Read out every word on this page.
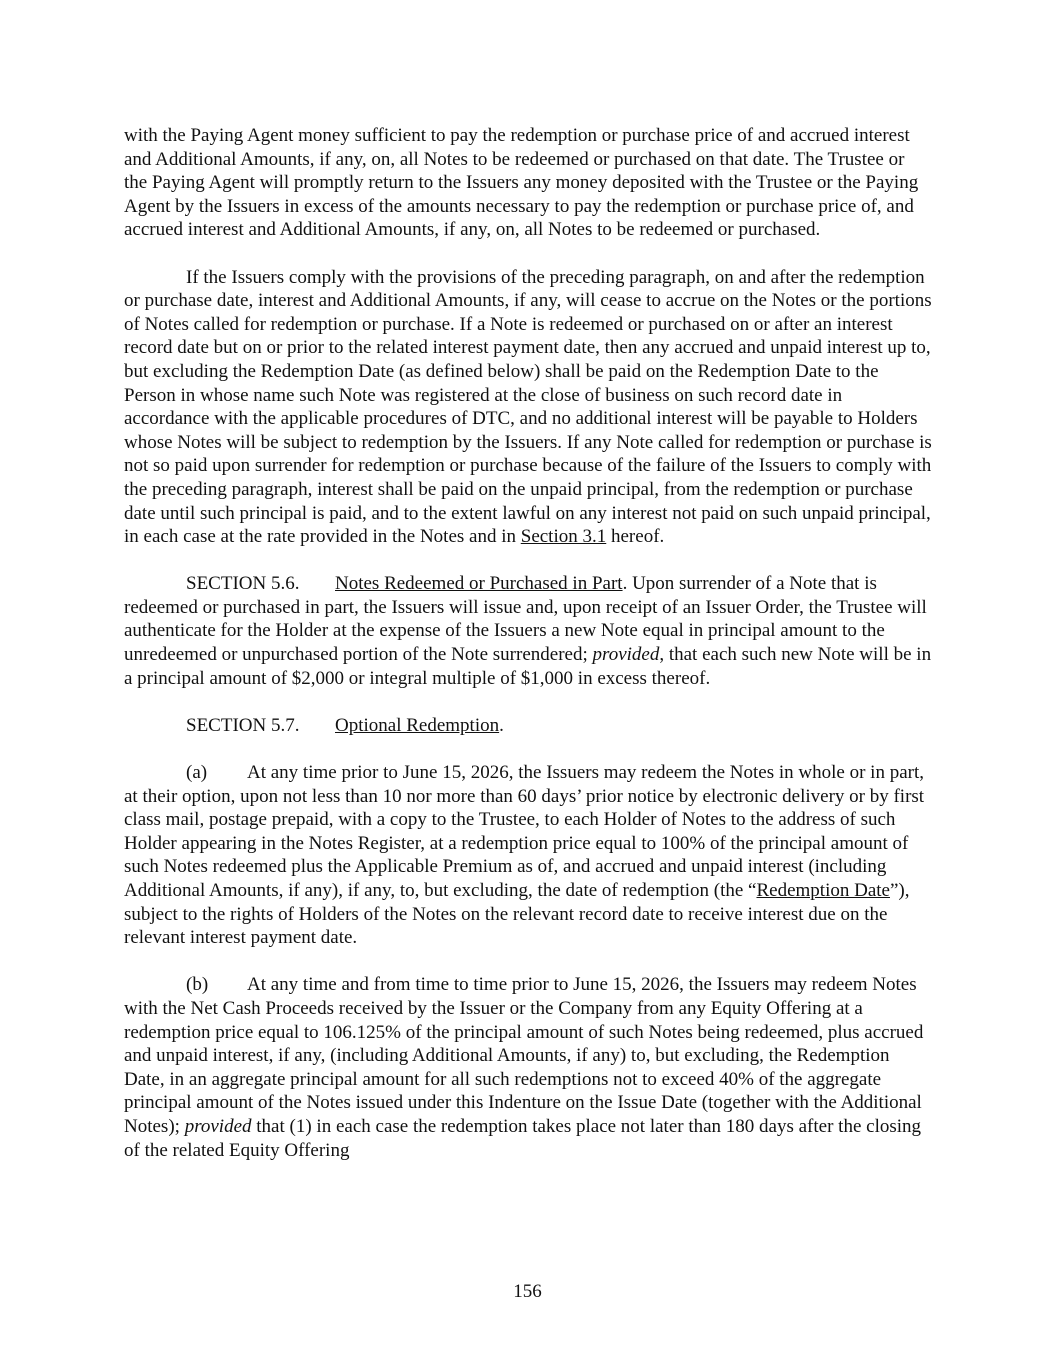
with the Paying Agent money sufficient to pay the redemption or purchase price of and accrued interest and Additional Amounts, if any, on, all Notes to be redeemed or purchased on that date. The Trustee or the Paying Agent will promptly return to the Issuers any money deposited with the Trustee or the Paying Agent by the Issuers in excess of the amounts necessary to pay the redemption or purchase price of, and accrued interest and Additional Amounts, if any, on, all Notes to be redeemed or purchased.

If the Issuers comply with the provisions of the preceding paragraph, on and after the redemption or purchase date, interest and Additional Amounts, if any, will cease to accrue on the Notes or the portions of Notes called for redemption or purchase. If a Note is redeemed or purchased on or after an interest record date but on or prior to the related interest payment date, then any accrued and unpaid interest up to, but excluding the Redemption Date (as defined below) shall be paid on the Redemption Date to the Person in whose name such Note was registered at the close of business on such record date in accordance with the applicable procedures of DTC, and no additional interest will be payable to Holders whose Notes will be subject to redemption by the Issuers. If any Note called for redemption or purchase is not so paid upon surrender for redemption or purchase because of the failure of the Issuers to comply with the preceding paragraph, interest shall be paid on the unpaid principal, from the redemption or purchase date until such principal is paid, and to the extent lawful on any interest not paid on such unpaid principal, in each case at the rate provided in the Notes and in Section 3.1 hereof.

SECTION 5.6. Notes Redeemed or Purchased in Part. Upon surrender of a Note that is redeemed or purchased in part, the Issuers will issue and, upon receipt of an Issuer Order, the Trustee will authenticate for the Holder at the expense of the Issuers a new Note equal in principal amount to the unredeemed or unpurchased portion of the Note surrendered; provided, that each such new Note will be in a principal amount of $2,000 or integral multiple of $1,000 in excess thereof.

SECTION 5.7. Optional Redemption.

(a) At any time prior to June 15, 2026, the Issuers may redeem the Notes in whole or in part, at their option, upon not less than 10 nor more than 60 days’ prior notice by electronic delivery or by first class mail, postage prepaid, with a copy to the Trustee, to each Holder of Notes to the address of such Holder appearing in the Notes Register, at a redemption price equal to 100% of the principal amount of such Notes redeemed plus the Applicable Premium as of, and accrued and unpaid interest (including Additional Amounts, if any), if any, to, but excluding, the date of redemption (the “Redemption Date”), subject to the rights of Holders of the Notes on the relevant record date to receive interest due on the relevant interest payment date.

(b) At any time and from time to time prior to June 15, 2026, the Issuers may redeem Notes with the Net Cash Proceeds received by the Issuer or the Company from any Equity Offering at a redemption price equal to 106.125% of the principal amount of such Notes being redeemed, plus accrued and unpaid interest, if any, (including Additional Amounts, if any) to, but excluding, the Redemption Date, in an aggregate principal amount for all such redemptions not to exceed 40% of the aggregate principal amount of the Notes issued under this Indenture on the Issue Date (together with the Additional Notes); provided that (1) in each case the redemption takes place not later than 180 days after the closing of the related Equity Offering

156
